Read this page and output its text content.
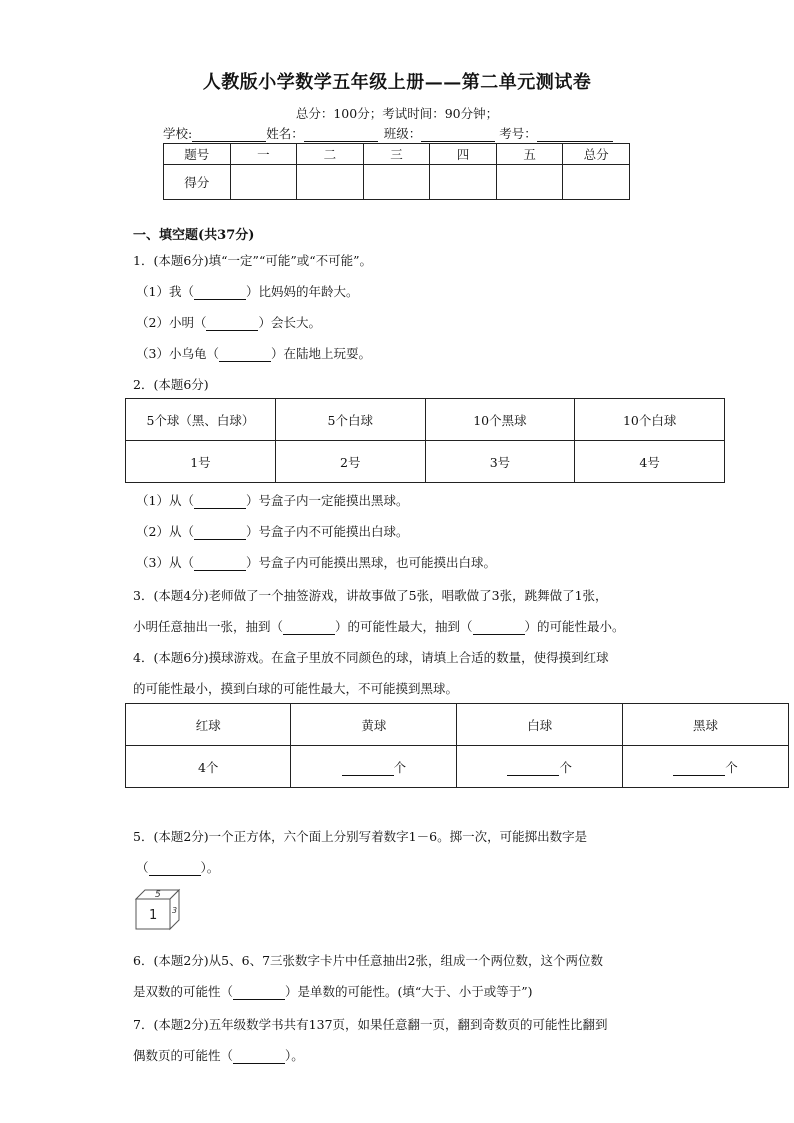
人教版小学数学五年级上册——第二单元测试卷
总分：100分；考试时间：90分钟；
学校:	姓名：	班级：	考号：
题号	一	二	三	四	五	总分
得分						
一、填空题(共37分)
1．(本题6分)填“一定”“可能”或“不可能”。
（1）我（	）比妈妈的年龄大。
（2）小明（	）会长大。
（3）小乌龟（	）在陆地上玩耍。
2．(本题6分)
5个球（黑、白球）	5个白球	10个黑球	10个白球
1号	2号	3号	4号
（1）从（	）号盒子内一定能摸出黑球。
（2）从（	）号盒子内不可能摸出白球。
（3）从（	）号盒子内可能摸出黑球，也可能摸出白球。
3．(本题4分)老师做了一个抽签游戏，讲故事做了5张，唱歌做了3张，跳舞做了1张，
小明任意抽出一张，抽到（	）的可能性最大，抽到（	）的可能性最小。
4．(本题6分)摸球游戏。在盒子里放不同颜色的球，请填上合适的数量，使得摸到红球
的可能性最小，摸到白球的可能性最大，不可能摸到黑球。
红球	黄球	白球	黑球
4个	个	个	个
5．(本题2分)一个正方体，六个面上分别写着数字1－6。掷一次，可能掷出数字是
（	）。
5
1 3
6．(本题2分)从5、6、7三张数字卡片中任意抽出2张，组成一个两位数，这个两位数
是双数的可能性（	）是单数的可能性。(填“大于、小于或等于”)
7．(本题2分)五年级数学书共有137页，如果任意翻一页，翻到奇数页的可能性比翻到
偶数页的可能性（	）。
